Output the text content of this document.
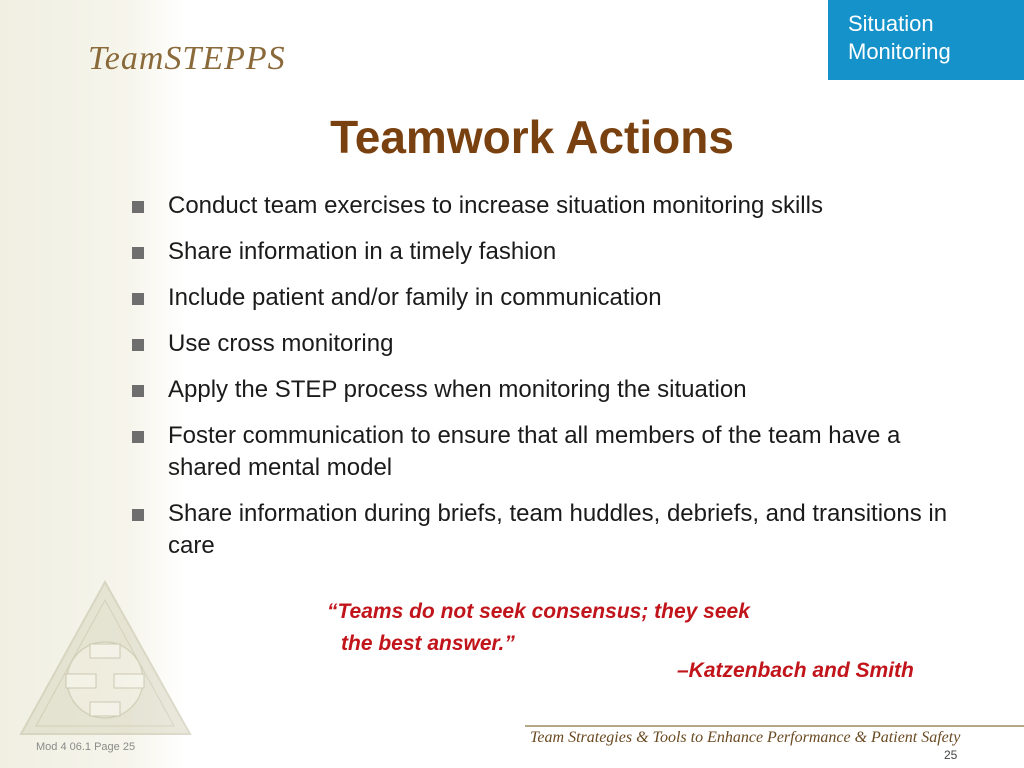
TeamSTEPPS
Situation
Monitoring
Teamwork Actions
Conduct team exercises to increase situation monitoring skills
Share information in a timely fashion
Include patient and/or family in communication
Use cross monitoring
Apply the STEP process when monitoring the situation
Foster communication to ensure that all members of the team have a shared mental model
Share information during briefs, team huddles, debriefs, and transitions in care
“Teams do not seek consensus; they seek
the best answer.”
–Katzenbach and Smith
Team Strategies & Tools to Enhance Performance & Patient Safety
Mod 4 06.1 Page 25
25
